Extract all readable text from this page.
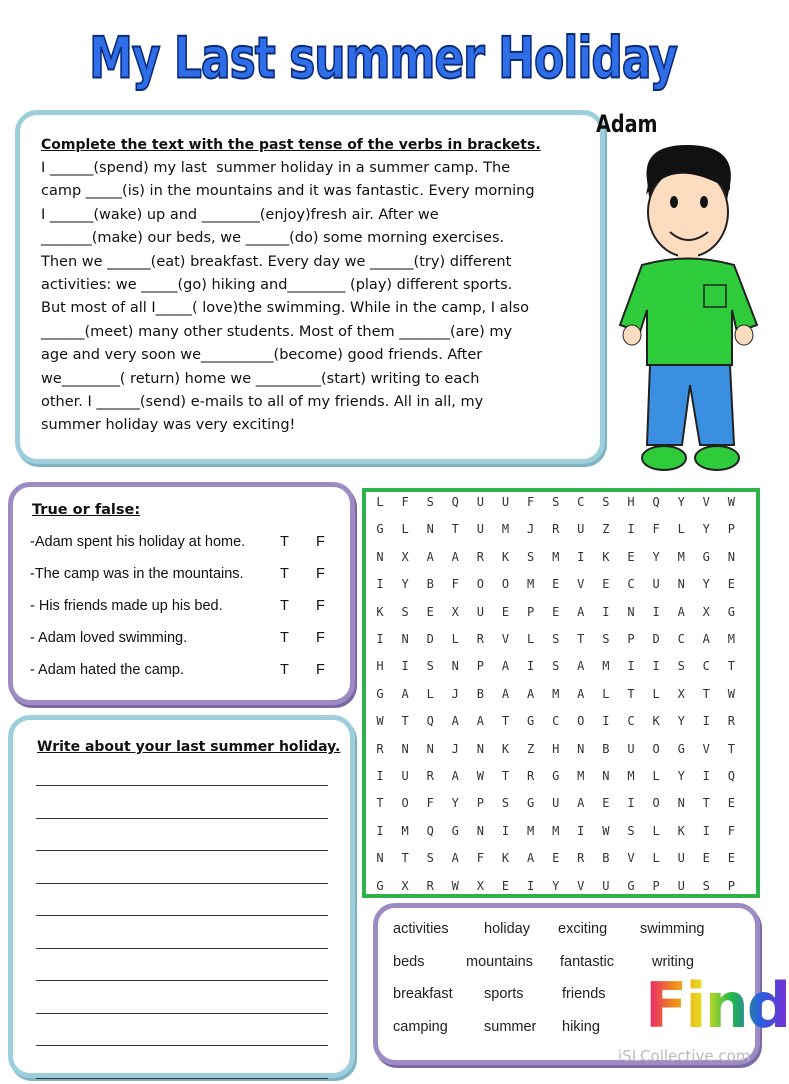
My Last summer Holiday
Complete the text with the past tense of the verbs in brackets.
Adam
True or false:
Write about your last summer holiday.
Find
iSLCollective.com
I ______(spend) my last  summer holiday in a summer camp. The
camp _____(is) in the mountains and it was fantastic. Every morning
I ______(wake) up and ________(enjoy)fresh air. After we
_______(make) our beds, we ______(do) some morning exercises.
Then we ______(eat) breakfast. Every day we ______(try) different
activities: we _____(go) hiking and________ (play) different sports.
But most of all I_____( love)the swimming. While in the camp, I also
______(meet) many other students. Most of them _______(are) my
age and very soon we__________(become) good friends. After
we________( return) home we _________(start) writing to each
other. I ______(send) e-mails to all of my friends. All in all, my
summer holiday was very exciting!
-Adam spent his holiday at home. T F
-The camp was in the mountains.	T F
- His friends made up his bed.	T F
- Adam loved swimming.	T F
- Adam hated the camp.	T F
L	F	S	Q	U	U	F	S	C	S	H	Q	Y	V	W
G	L	N	T	U	M	J	R	U	Z	I	F	L	Y	P
N	X	A	A	R	K	S	M	I	K	E	Y	M	G	N
I	Y	B	F	O	O	M	E	V	E	C	U	N	Y	E
K	S	E	X	U	E	P	E	A	I	N	I	A	X	G
I	N	D	L	R	V	L	S	T	S	P	D	C	A	M
H	I	S	N	P	A	I	S	A	M	I	I	S	C	T
G	A	L	J	B	A	A	M	A	L	T	L	X	T	W
W	T	Q	A	A	T	G	C	O	I	C	K	Y	I	R
R	N	N	J	N	K	Z	H	N	B	U	O	G	V	T
I	U	R	A	W	T	R	G	M	N	M	L	Y	I	Q
T	O	F	Y	P	S	G	U	A	E	I	O	N	T	E
I	M	Q	G	N	I	M	M	I	W	S	L	K	I	F
N	T	S	A	F	K	A	E	R	B	V	L	U	E	E
G	X	R	W	X	E	I	Y	V	U	G	P	U	S	P
activities holiday exciting swimming
beds	mountains fantastic	writing
breakfast sports	friends
camping summer hiking
